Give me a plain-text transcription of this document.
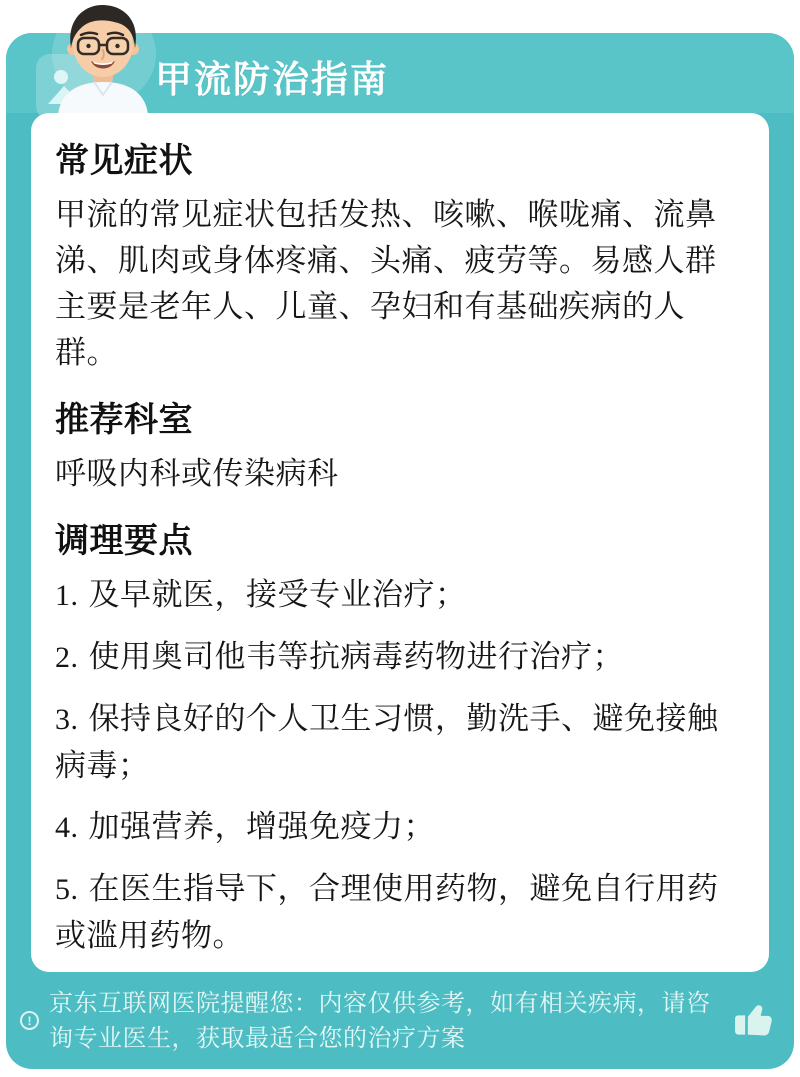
甲流防治指南
常见症状

甲流的常见症状包括发热、咳嗽、喉咙痛、流鼻涕、肌肉或身体疼痛、头痛、疲劳等。易感人群主要是老年人、儿童、孕妇和有基础疾病的人群。

推荐科室

呼吸内科或传染病科

调理要点

1. 及早就医，接受专业治疗；

2. 使用奥司他韦等抗病毒药物进行治疗；

3. 保持良好的个人卫生习惯，勤洗手、避免接触病毒；

4. 加强营养，增强免疫力；

5. 在医生指导下，合理使用药物，避免自行用药或滥用药物。

!

京东互联网医院提醒您：内容仅供参考，如有相关疾病，请咨询专业医生，获取最适合您的治疗方案
